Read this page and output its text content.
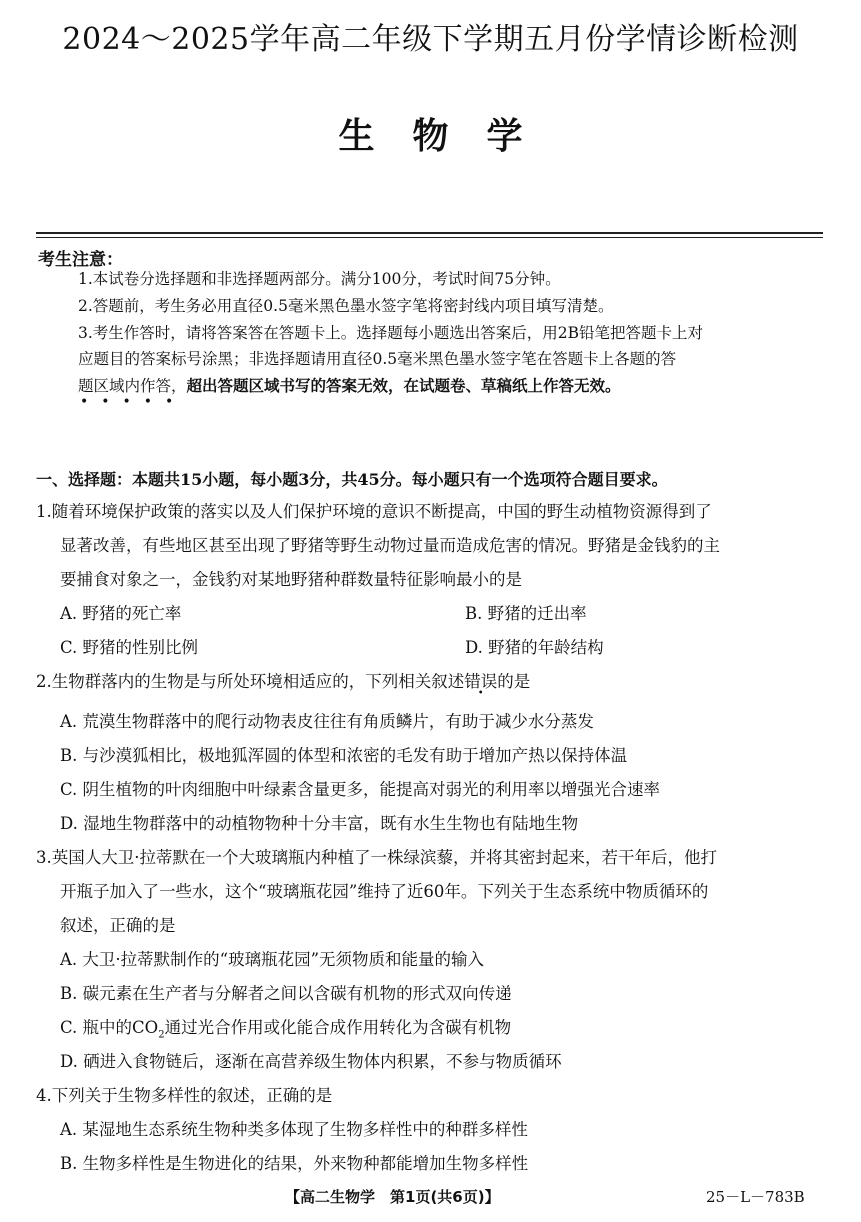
2024～2025学年高二年级下学期五月份学情诊断检测
生物学
考生注意：
1.本试卷分选择题和非选择题两部分。满分100分，考试时间75分钟。
2.答题前，考生务必用直径0.5毫米黑色墨水签字笔将密封线内项目填写清楚。
3.考生作答时，请将答案答在答题卡上。选择题每小题选出答案后，用2B铅笔把答题卡上对
应题目的答案标号涂黑；非选择题请用直径0.5毫米黑色墨水签字笔在答题卡上各题的答
题区域内作答，超出答题区域书写的答案无效，在试题卷、草稿纸上作答无效。
•••••
一、选择题：本题共15小题，每小题3分，共45分。每小题只有一个选项符合题目要求。
1.随着环境保护政策的落实以及人们保护环境的意识不断提高，中国的野生动植物资源得到了
显著改善，有些地区甚至出现了野猪等野生动物过量而造成危害的情况。野猪是金钱豹的主
要捕食对象之一，金钱豹对某地野猪种群数量特征影响最小的是
A. 野猪的死亡率	B. 野猪的迁出率
C. 野猪的性别比例	D. 野猪的年龄结构
2.生物群落内的生物是与所处环境相适应的，下列相关叙述错误的是
A. 荒漠生物群落中的爬行动物表皮往往有角质鳞片，有助于减少水分蒸发
B. 与沙漠狐相比，极地狐浑圆的体型和浓密的毛发有助于增加产热以保持体温
C. 阴生植物的叶肉细胞中叶绿素含量更多，能提高对弱光的利用率以增强光合速率
D. 湿地生物群落中的动植物物种十分丰富，既有水生生物也有陆地生物
3.英国人大卫·拉蒂默在一个大玻璃瓶内种植了一株绿滨藜，并将其密封起来，若干年后，他打
开瓶子加入了一些水，这个“玻璃瓶花园”维持了近60年。下列关于生态系统中物质循环的
叙述，正确的是
A. 大卫·拉蒂默制作的“玻璃瓶花园”无须物质和能量的输入
B. 碳元素在生产者与分解者之间以含碳有机物的形式双向传递
C. 瓶中的$CO_2$通过光合作用或化能合成作用转化为含碳有机物
D. 硒进入食物链后，逐渐在高营养级生物体内积累，不参与物质循环
4.下列关于生物多样性的叙述，正确的是
A. 某湿地生态系统生物种类多体现了生物多样性中的种群多样性
B. 生物多样性是生物进化的结果，外来物种都能增加生物多样性
【高二生物学　第1页(共6页)】	25－L－783B
